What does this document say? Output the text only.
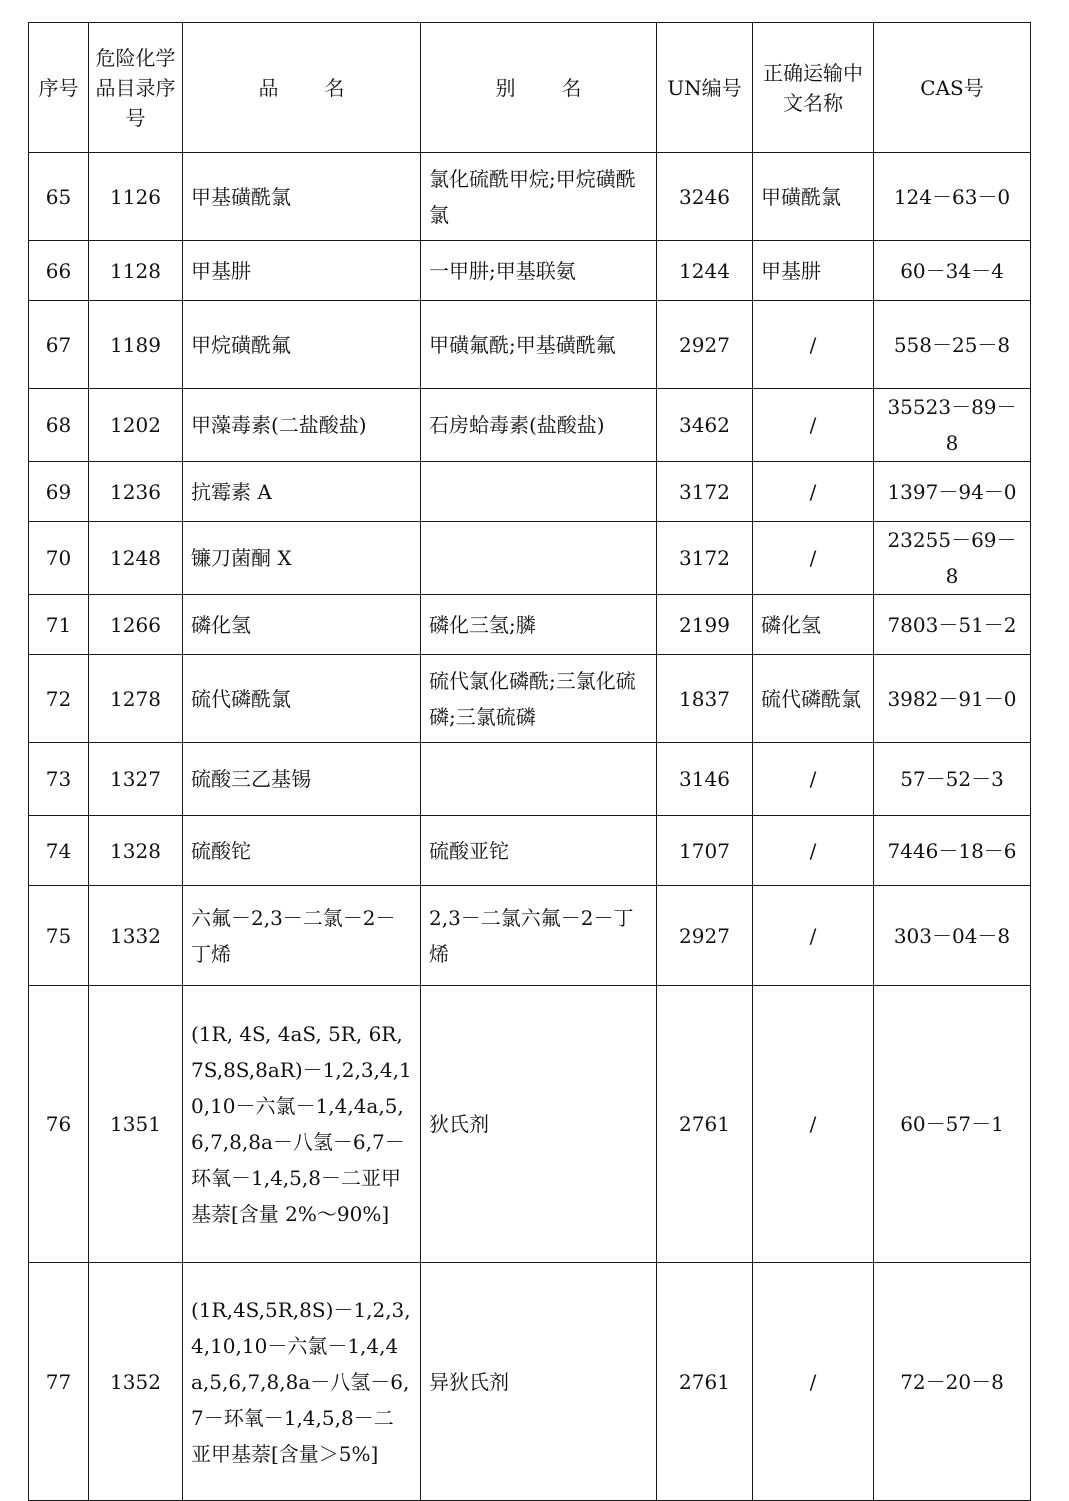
序号	危险化学品目录序号	品名	别名	UN编号	正确运输中文名称	CAS号
65	1126	甲基磺酰氯	氯化硫酰甲烷;甲烷磺酰氯	3246	甲磺酰氯	124－63－0
66	1128	甲基肼	一甲肼;甲基联氨	1244	甲基肼	60－34－4
67	1189	甲烷磺酰氟	甲磺氟酰;甲基磺酰氟	2927	/	558－25－8
68	1202	甲藻毒素(二盐酸盐)	石房蛤毒素(盐酸盐)	3462	/	35523－89－8
69	1236	抗霉素 A		3172	/	1397－94－0
70	1248	镰刀菌酮 X		3172	/	23255－69－8
71	1266	磷化氢	磷化三氢;膦	2199	磷化氢	7803－51－2
72	1278	硫代磷酰氯	硫代氯化磷酰;三氯化硫磷;三氯硫磷	1837	硫代磷酰氯	3982－91－0
73	1327	硫酸三乙基锡		3146	/	57－52－3
74	1328	硫酸铊	硫酸亚铊	1707	/	7446－18－6
75	1332	六氟－2,3－二氯－2－丁烯	2,3－二氯六氟－2－丁烯	2927	/	303－04－8
76	1351	(1R, 4S, 4aS, 5R, 6R,7S,8S,8aR)－1,2,3,4,10,10－六氯－1,4,4a,5,6,7,8,8a－八氢－6,7－环氧－1,4,5,8－二亚甲基萘[含量 2%～90%]	狄氏剂	2761	/	60－57－1
77	1352	(1R,4S,5R,8S)－1,2,3,4,10,10－六氯－1,4,4a,5,6,7,8,8a－八氢－6,7－环氧－1,4,5,8－二亚甲基萘[含量＞5%]	异狄氏剂	2761	/	72－20－8
